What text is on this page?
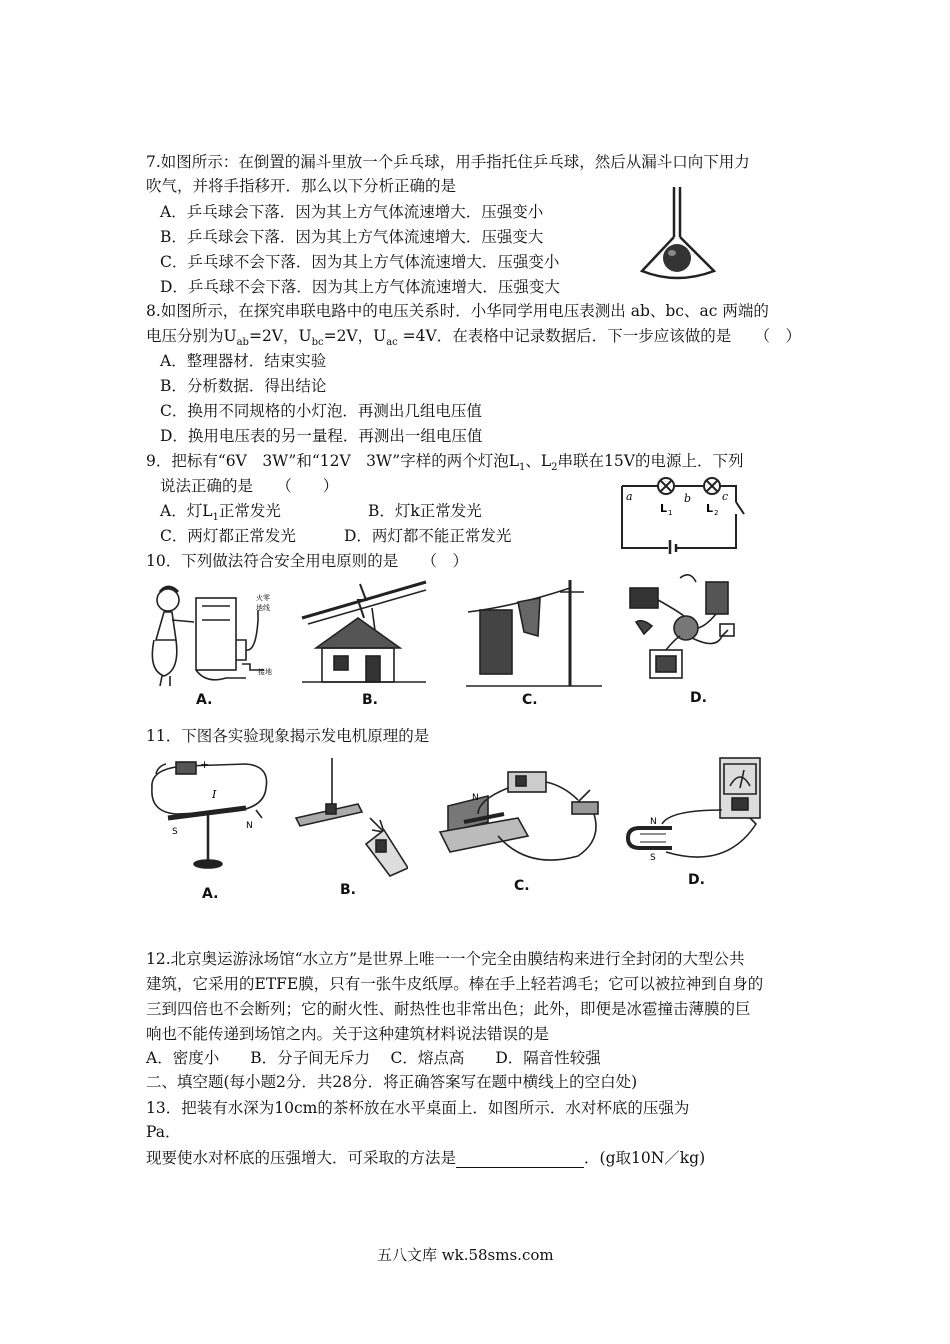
7.如图所示：在倒置的漏斗里放一个乒乓球，用手指托住乒乓球，然后从漏斗口向下用力
吹气，并将手指移开．那么以下分析正确的是
A．乒乓球会下落．因为其上方气体流速增大．压强变小
B．乒乓球会下落．因为其上方气体流速增大．压强变大
C．乒乓球不会下落．因为其上方气体流速增大．压强变小
D．乒乓球不会下落．因为其上方气体流速增大．压强变大
8.如图所示，在探究串联电路中的电压关系时．小华同学用电压表测出 ab、bc、ac 两端的
电压分别为$U_{ab}=2V$，$U_{bc}=2V$，$U_{ac} =4V$．在表格中记录数据后．下一步应该做的是　　（　）
A．整理器材．结束实验
B．分析数据．得出结论
C．换用不同规格的小灯泡．再测出几组电压值
D．换用电压表的另一量程．再测出一组电压值
9．把标有“6V　3W”和“12V　3W”字样的两个灯泡$L_1$、$L_2$串联在15V的电源上．下列
说法正确的是　　（　　）
A．灯$L_1$正常发光	B．灯k正常发光
C．两灯都正常发光	D．两灯都不能正常发光
a	b	c
L 1	L 2
10．下列做法符合安全用电原则的是　　（　）
火零
地线
接地
A.	B.	C.	D.
11．下图各实验现象揭示发电机原理的是
+
I
S
N
A.	B.
N
C.
N
S
D.
12.北京奥运游泳场馆“水立方”是世界上唯一一个完全由膜结构来进行全封闭的大型公共
建筑，它采用的ETFE膜，只有一张牛皮纸厚。棒在手上轻若鸿毛；它可以被拉神到自身的
三到四倍也不会断列；它的耐火性、耐热性也非常出色；此外，即便是冰雹撞击薄膜的巨
响也不能传递到场馆之内。关于这种建筑材料说法错误的是
A．密度小　　B．分子间无斥力　 C．熔点高　　D．隔音性较强
二、填空题(每小题2分．共28分．将正确答案写在题中横线上的空白处)
13．把装有水深为10cm的茶杯放在水平桌面上．如图所示．水对杯底的压强为
Pa．
现要使水对杯底的压强增大．可采取的方法是	．(g取10N／kg)
五八文库 wk.58sms.com
